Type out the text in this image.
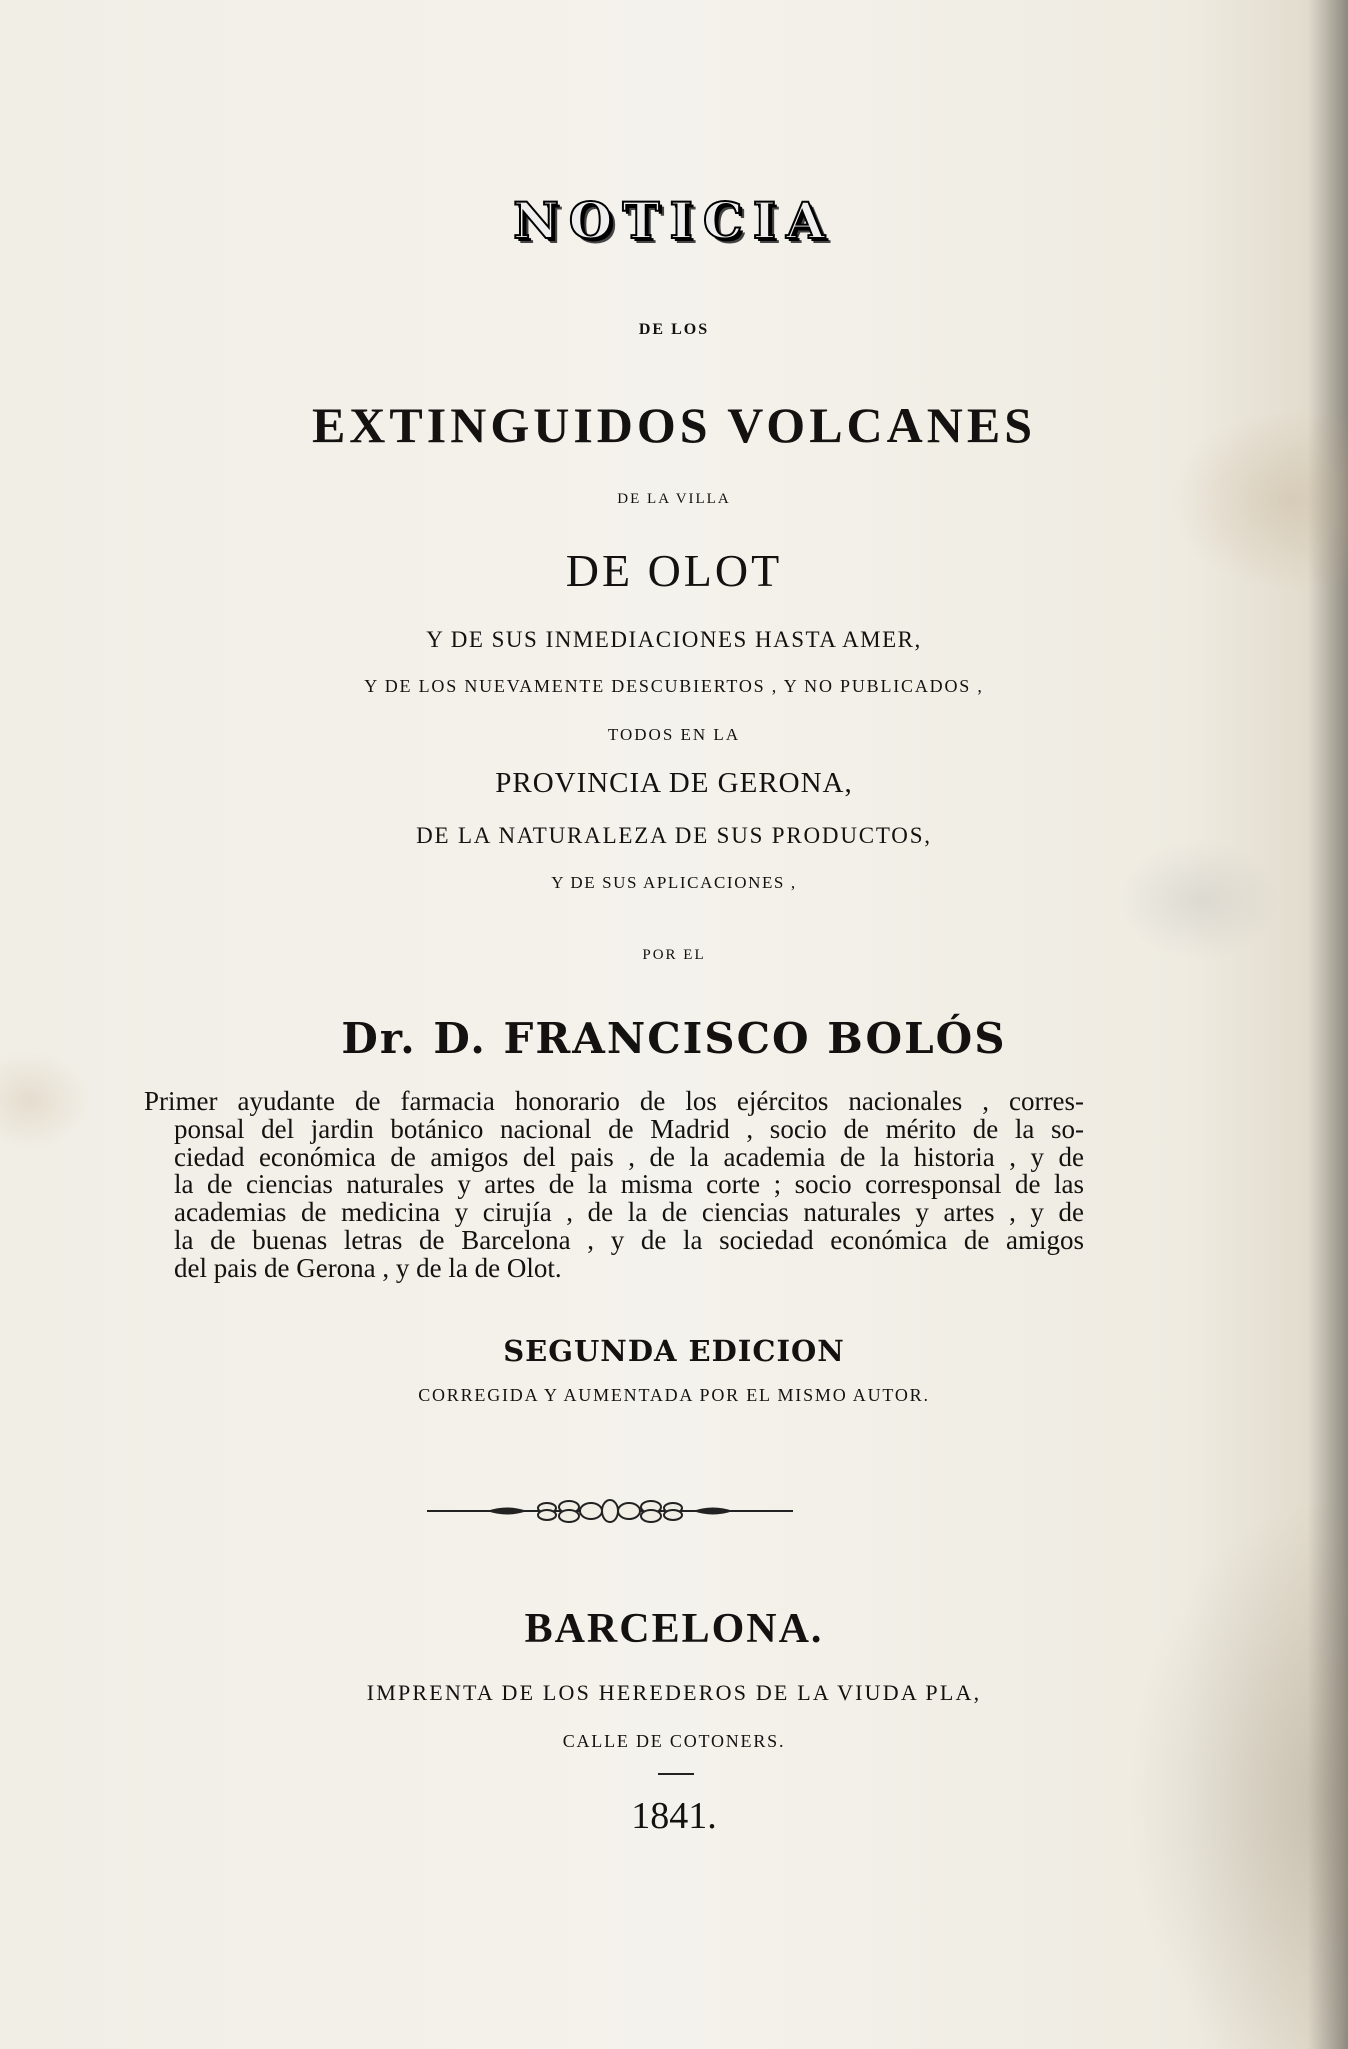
NOTICIA
DE LOS
EXTINGUIDOS VOLCANES
DE LA VILLA
DE OLOT
Y DE SUS INMEDIACIONES HASTA AMER,
Y DE LOS NUEVAMENTE DESCUBIERTOS , Y NO PUBLICADOS ,
TODOS EN LA
PROVINCIA DE GERONA,
DE LA NATURALEZA DE SUS PRODUCTOS,
Y DE SUS APLICACIONES ,
POR EL
Dr. D. FRANCISCO BOLÓS
Primer ayudante de farmacia honorario de los ejércitos nacionales , corres-
ponsal del jardin botánico nacional de Madrid , socio de mérito de la so-
ciedad económica de amigos del pais , de la academia de la historia , y de
la de ciencias naturales y artes de la misma corte ; socio corresponsal de las
academias de medicina y cirujía , de la de ciencias naturales y artes , y de
la de buenas letras de Barcelona , y de la sociedad económica de amigos
del pais de Gerona , y de la de Olot.
SEGUNDA EDICION
CORREGIDA Y AUMENTADA POR EL MISMO AUTOR.
BARCELONA.
IMPRENTA DE LOS HEREDEROS DE LA VIUDA PLA,
CALLE DE COTONERS.
1841.
